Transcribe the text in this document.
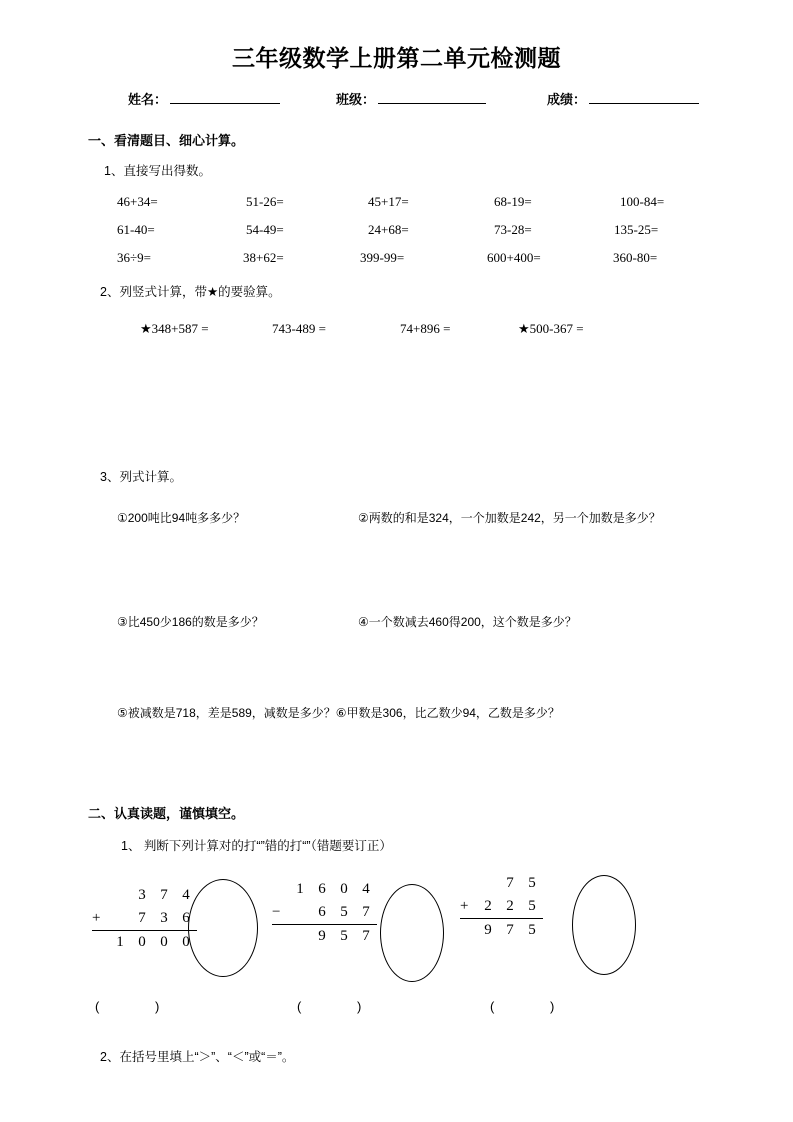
三年级数学上册第二单元检测题
姓名：	班级：	成绩：
一、看清题目、细心计算。
1、直接写出得数。
46+34=	51-26=	45+17=	68-19=	100-84=
61-40=	54-49=	24+68=	73-28=	135-25=
36÷9=	38+62=	399-99=	600+400=	360-80=
2、列竖式计算，带★的要验算。
★348+587 =	743-489 =	74+896 =	★500-367 =
3、列式计算。
①200吨比94吨多多少？	②两数的和是324，一个加数是242，另一个加数是多少？
③比450少186的数是多少？	④一个数减去460得200，这个数是多少？
⑤被减数是718，差是589，减数是多少？⑥甲数是306，比乙数少94，乙数是多少？
二、认真读题，谨慎填空。
1、 判断下列计算对的打“”错的打“”（错题要订正）
3 7 4
+	7 3 6
1 0 0 0
1 6 0 4
−	6 5 7
9 5 7
7 5
+	2 2 5
9 7 5
( )	( )	( )
2、在括号里填上“＞”、“＜”或“＝”。
